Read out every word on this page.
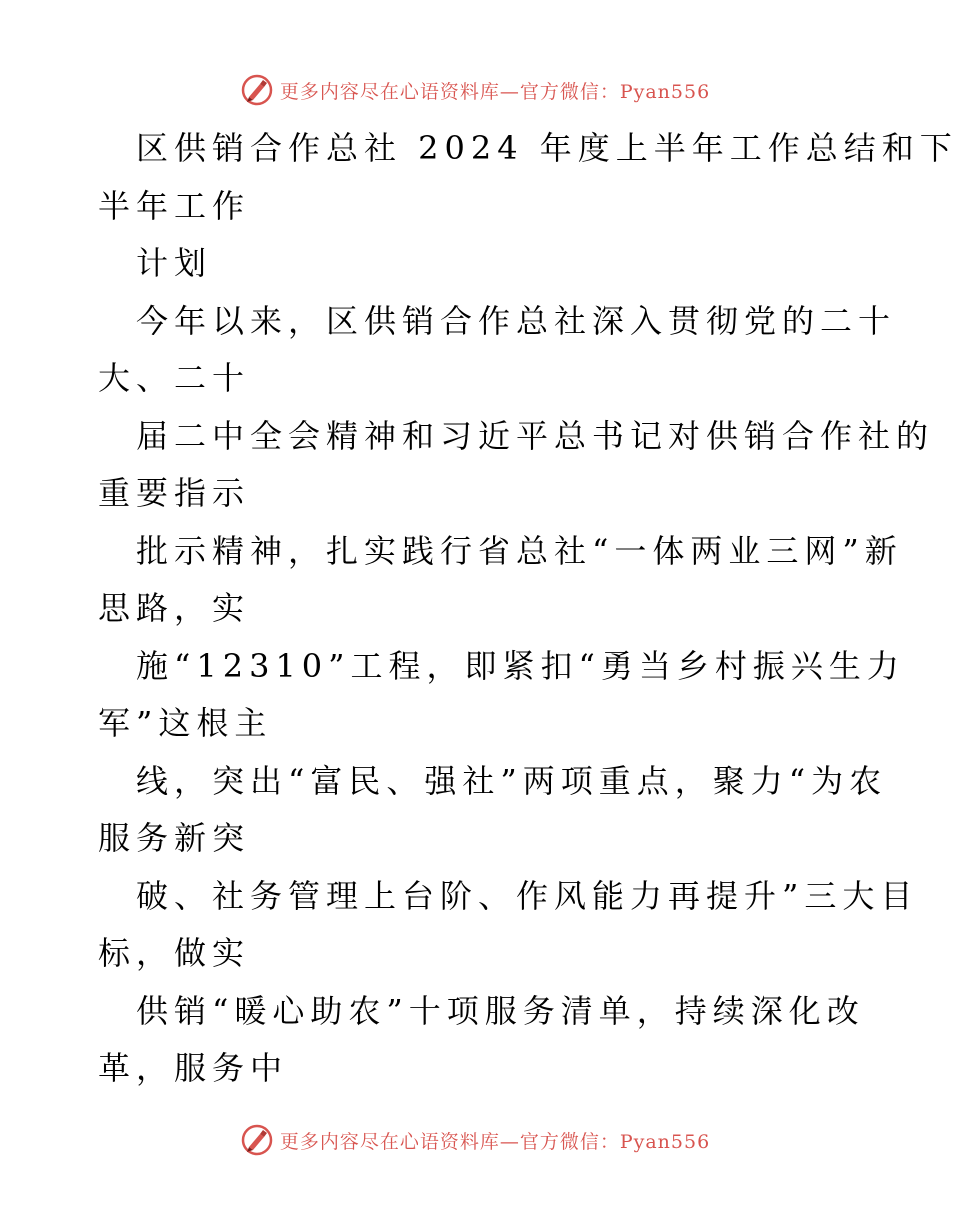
更多内容尽在心语资料库—官方微信：Pyan556
区供销合作总社 2024 年度上半年工作总结和下
半年工作
计划
今年以来，区供销合作总社深入贯彻党的二十
大、二十
届二中全会精神和习近平总书记对供销合作社的
重要指示
批示精神，扎实践行省总社“一体两业三网”新
思路，实
施“12310”工程，即紧扣“勇当乡村振兴生力
军”这根主
线，突出“富民、强社”两项重点，聚力“为农
服务新突
破、社务管理上台阶、作风能力再提升”三大目
标，做实
供销“暖心助农”十项服务清单，持续深化改
革，服务中
更多内容尽在心语资料库—官方微信：Pyan556
